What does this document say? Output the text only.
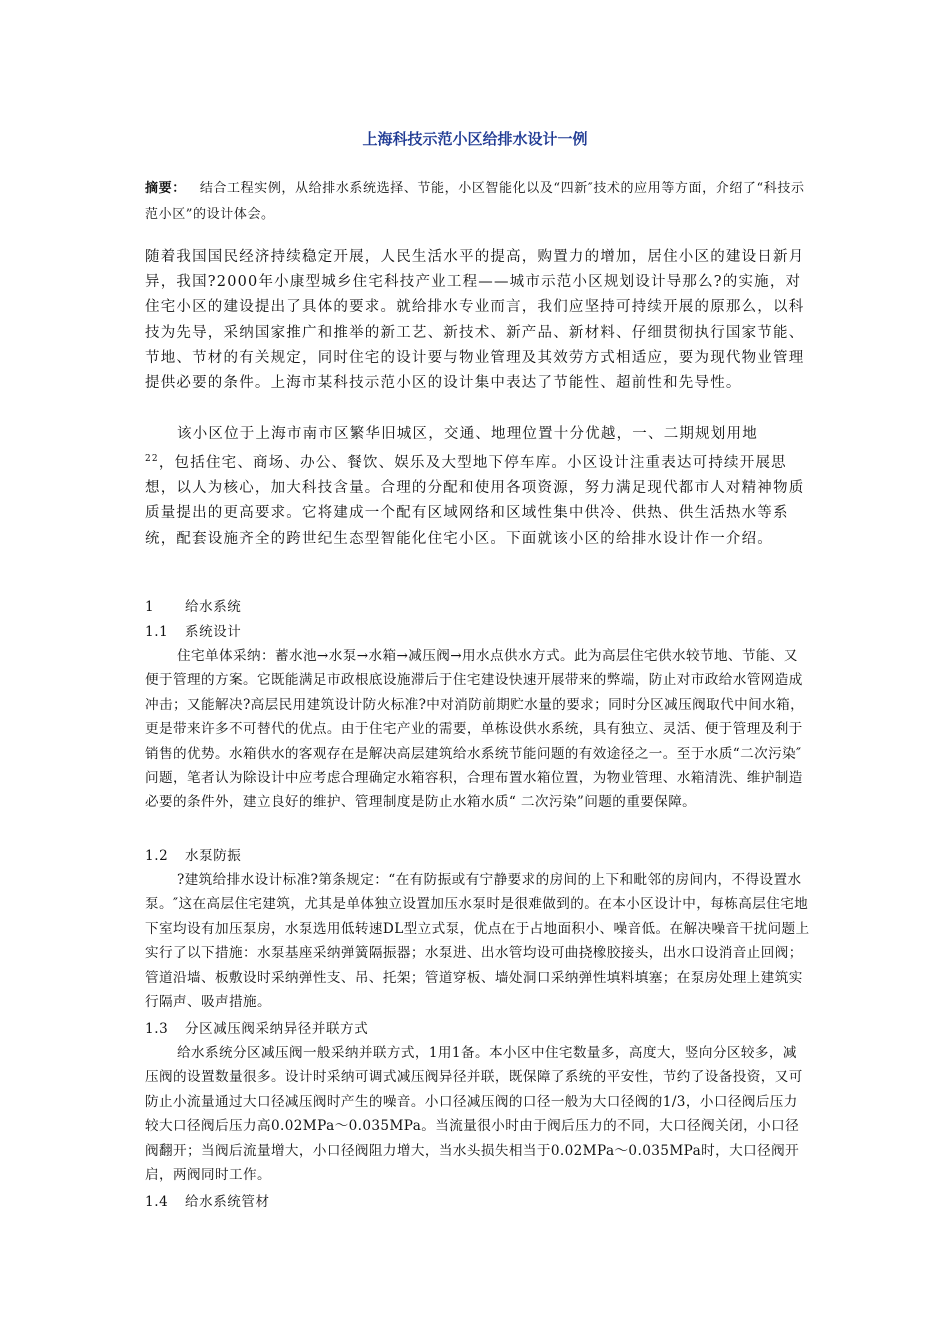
上海科技示范小区给排水设计一例
摘要： 结合工程实例，从给排水系统选择、节能，小区智能化以及“四新″技术的应用等方面，介绍了“科技示范小区”的设计体会。
随着我国国民经济持续稳定开展，人民生活水平的提高，购置力的增加，居住小区的建设日新月异，我国?2000年小康型城乡住宅科技产业工程——城市示范小区规划设计导那么?的实施，对住宅小区的建设提出了具体的要求。就给排水专业而言，我们应坚持可持续开展的原那么，以科技为先导，采纳国家推广和推举的新工艺、新技术、新产品、新材料、仔细贯彻执行国家节能、节地、节材的有关规定，同时住宅的设计要与物业管理及其效劳方式相适应，要为现代物业管理提供必要的条件。上海市某科技示范小区的设计集中表达了节能性、超前性和先导性。
该小区位于上海市南市区繁华旧城区，交通、地理位置十分优越，一、二期规划用地
$^{22}$，包括住宅、商场、办公、餐饮、娱乐及大型地下停车库。小区设计注重表达可持续开展思想，以人为核心，加大科技含量。合理的分配和使用各项资源，努力满足现代都市人对精神物质质量提出的更高要求。它将建成一个配有区域网络和区域性集中供冷、供热、供生活热水等系统，配套设施齐全的跨世纪生态型智能化住宅小区。下面就该小区的给排水设计作一介绍。
1 给水系统
1.1 系统设计
住宅单体采纳：蓄水池→水泵→水箱→减压阀→用水点供水方式。此为高层住宅供水较节地、节能、又便于管理的方案。它既能满足市政根底设施滞后于住宅建设快速开展带来的弊端，防止对市政给水管网造成冲击；又能解决?高层民用建筑设计防火标准?中对消防前期贮水量的要求；同时分区减压阀取代中间水箱，更是带来许多不可替代的优点。由于住宅产业的需要，单栋设供水系统，具有独立、灵活、便于管理及利于销售的优势。水箱供水的客观存在是解决高层建筑给水系统节能问题的有效途径之一。至于水质“二次污染″问题，笔者认为除设计中应考虑合理确定水箱容积，合理布置水箱位置，为物业管理、水箱清洗、维护制造必要的条件外，建立良好的维护、管理制度是防止水箱水质“ 二次污染”问题的重要保障。
1.2 水泵防振
?建筑给排水设计标准?第条规定：“在有防振或有宁静要求的房间的上下和毗邻的房间内，不得设置水泵。″这在高层住宅建筑，尤其是单体独立设置加压水泵时是很难做到的。在本小区设计中，每栋高层住宅地下室均设有加压泵房，水泵选用低转速DL型立式泵，优点在于占地面积小、噪音低。在解决噪音干扰问题上实行了以下措施：水泵基座采纳弹簧隔振器；水泵进、出水管均设可曲挠橡胶接头，出水口设消音止回阀；管道沿墙、板敷设时采纳弹性支、吊、托架；管道穿板、墙处洞口采纳弹性填料填塞；在泵房处理上建筑实行隔声、吸声措施。
1.3 分区减压阀采纳异径并联方式
给水系统分区减压阀一般采纳并联方式，1用1备。本小区中住宅数量多，高度大，竖向分区较多，减压阀的设置数量很多。设计时采纳可调式减压阀异径并联，既保障了系统的平安性，节约了设备投资，又可防止小流量通过大口径减压阀时产生的噪音。小口径减压阀的口径一般为大口径阀的1/3，小口径阀后压力较大口径阀后压力高0.02MPa～0.035MPa。当流量很小时由于阀后压力的不同，大口径阀关闭，小口径阀翻开；当阀后流量增大，小口径阀阻力增大，当水头损失相当于0.02MPa～0.035MPa时，大口径阀开启，两阀同时工作。
1.4 给水系统管材
